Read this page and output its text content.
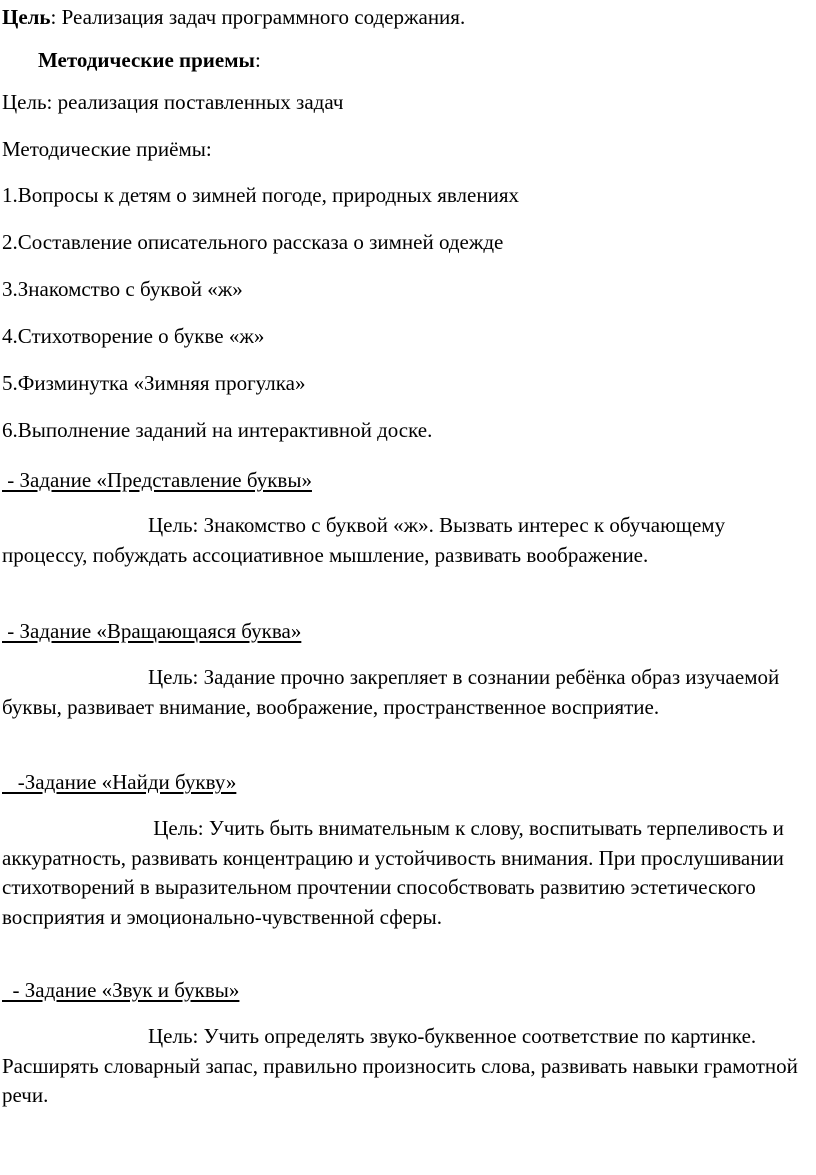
Цель: Реализация задач программного содержания.
Методические приемы:
Цель: реализация поставленных задач
Методические приёмы:
1.Вопросы к детям о зимней погоде, природных явлениях
2.Составление описательного рассказа о зимней одежде
3.Знакомство с буквой «ж»
4.Стихотворение о букве «ж»
5.Физминутка «Зимняя прогулка»
6.Выполнение заданий на интерактивной доске.
- Задание «Представление буквы»
Цель: Знакомство с буквой «ж». Вызвать интерес к обучающему процессу, побуждать ассоциативное мышление, развивать воображение.
- Задание «Вращающаяся буква»
Цель: Задание прочно закрепляет в сознании ребёнка образ изучаемой буквы, развивает внимание, воображение, пространственное восприятие.
-Задание «Найди букву»
Цель: Учить быть внимательным к слову, воспитывать терпеливость и аккуратность, развивать концентрацию и устойчивость внимания. При прослушивании стихотворений в выразительном прочтении способствовать развитию эстетического восприятия и эмоционально-чувственной сферы.
- Задание «Звук и буквы»
Цель: Учить определять звуко-буквенное соответствие по картинке. Расширять словарный запас, правильно произносить слова, развивать навыки грамотной речи.
